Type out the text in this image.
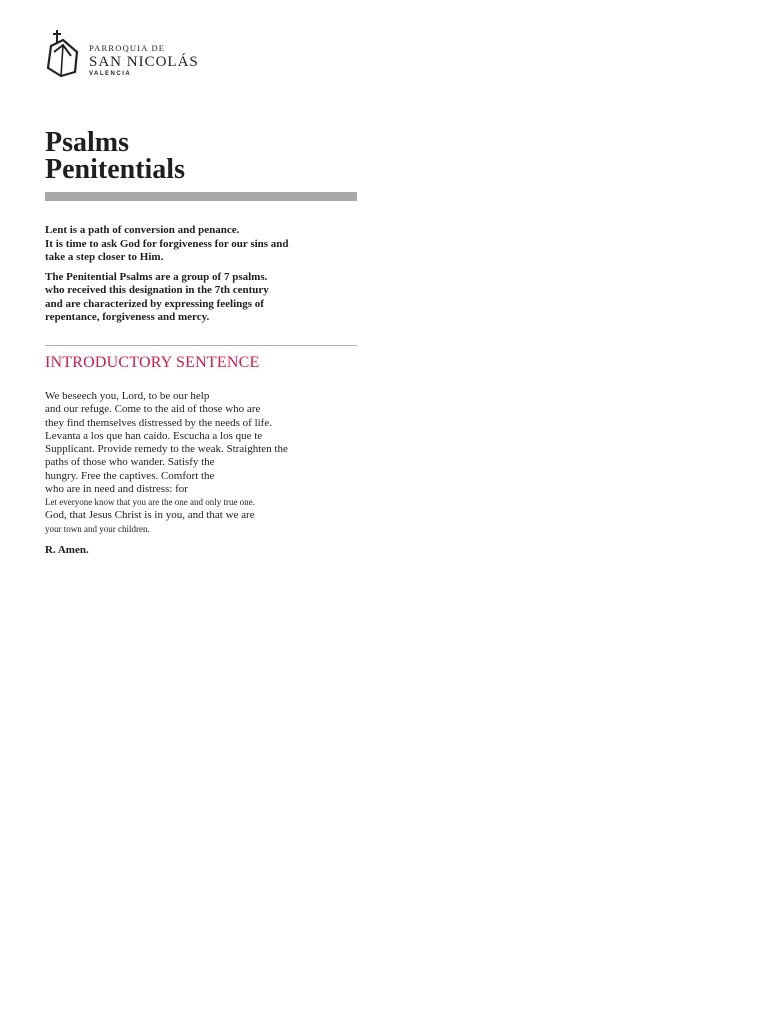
PARROQUIA DE
SAN NICOLÁS
VALENCIA
Psalms
Penitentials

Lent is a path of conversion and penance.
It is time to ask God for forgiveness for our sins and
take a step closer to Him.

The Penitential Psalms are a group of 7 psalms.
who received this designation in the 7th century
and are characterized by expressing feelings of
repentance, forgiveness and mercy.

INTRODUCTORY SENTENCE
We beseech you, Lord, to be our help
and our refuge. Come to the aid of those who are
they find themselves distressed by the needs of life.
Levanta a los que han caído. Escucha a los que te
Supplicant. Provide remedy to the weak. Straighten the
paths of those who wander. Satisfy the
hungry. Free the captives. Comfort the
who are in need and distress: for
Let everyone know that you are the one and only true one.
God, that Jesus Christ is in you, and that we are
your town and your children.
R. Amen.
